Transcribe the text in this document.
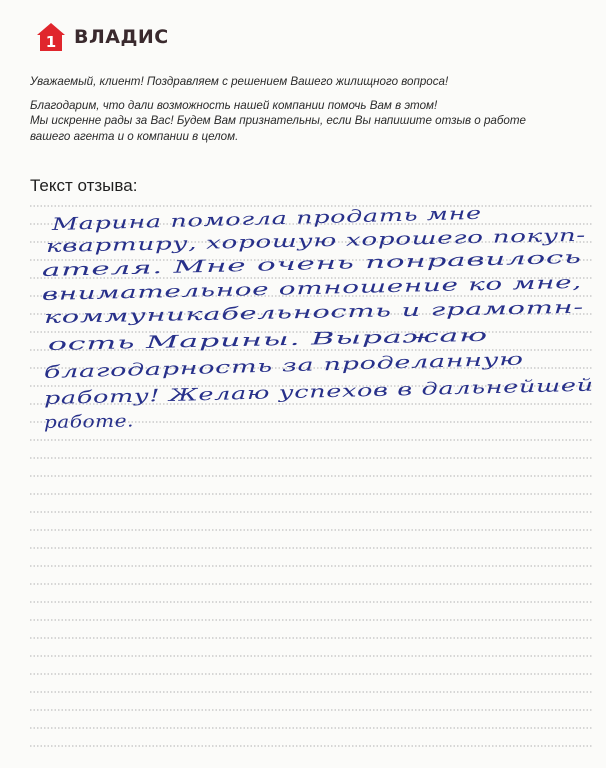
1 ВЛАДИС

Уважаемый, клиент! Поздравляем с решением Вашего жилищного вопроса!

Благодарим, что дали возможность нашей компании помочь Вам в этом!

Мы искренне рады за Вас! Будем Вам признательны, если Вы напишите отзыв о работе

вашего агента и о компании в целом.

Текст отзыва:
Марина помогла продать мне
квартиру, хорошую хорошего покуп-
ателя. Мне очень понравилось
внимательное отношение ко мне,
коммуникабельность и грамотн-
ость Марины. Выражаю
благодарность за проделанную
работу! Желаю успехов в дальнейшей
работе.
